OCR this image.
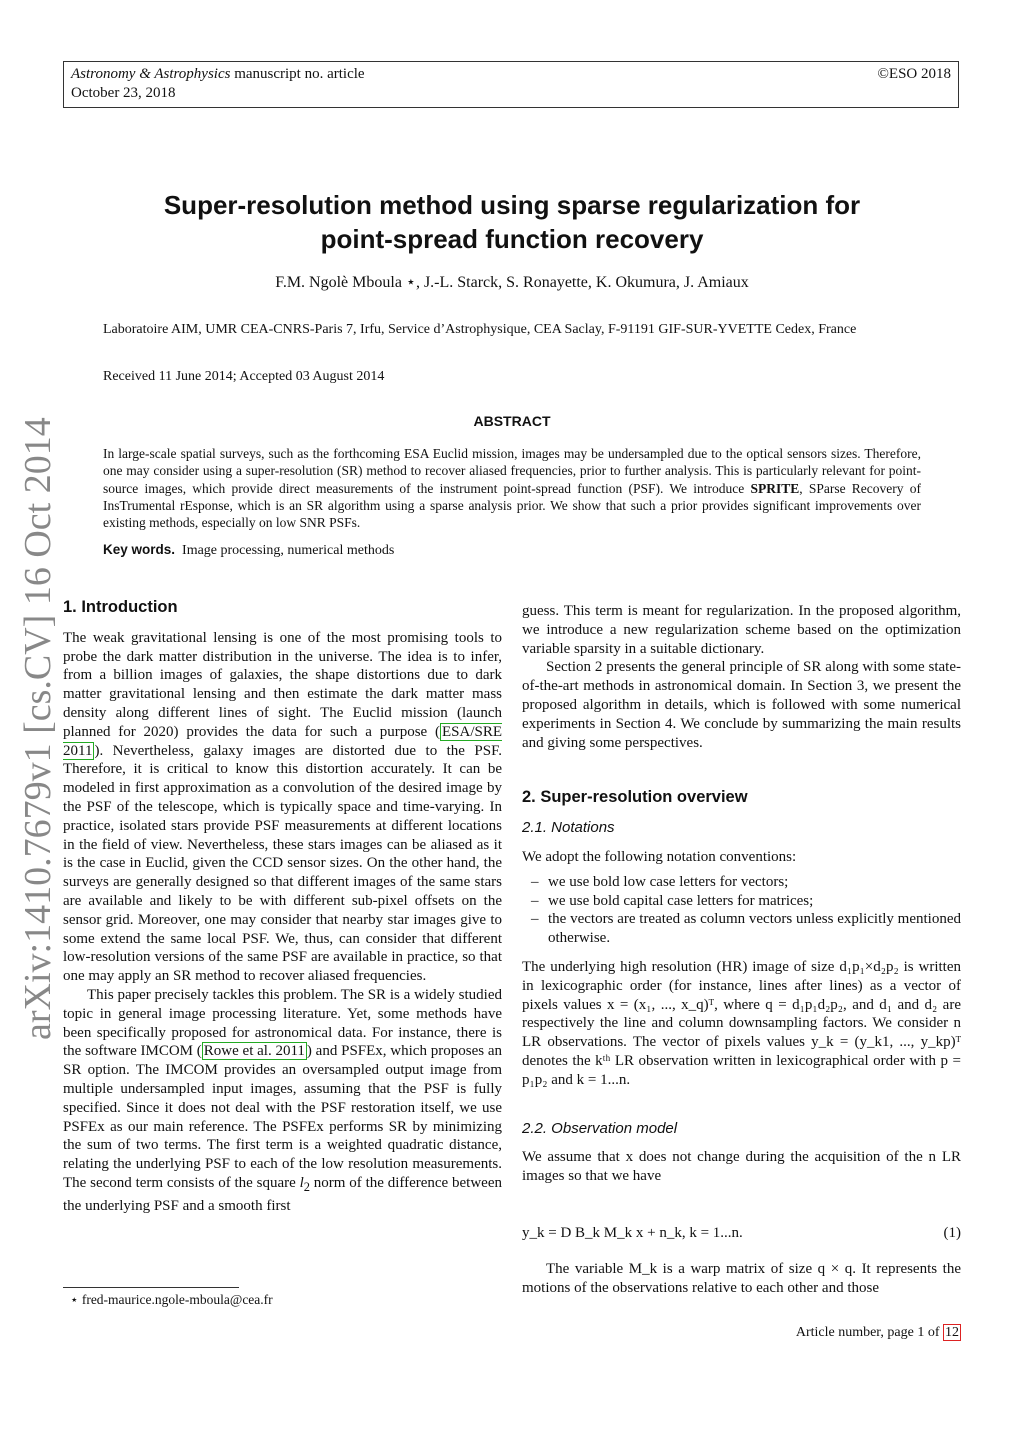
Astronomy & Astrophysics manuscript no. article
October 23, 2018
©ESO 2018
Super-resolution method using sparse regularization for
point-spread function recovery
F.M. Ngolè Mboula ⋆, J.-L. Starck, S. Ronayette, K. Okumura, J. Amiaux
Laboratoire AIM, UMR CEA-CNRS-Paris 7, Irfu, Service d’Astrophysique, CEA Saclay, F-91191 GIF-SUR-YVETTE Cedex, France
Received 11 June 2014; Accepted 03 August 2014
ABSTRACT
In large-scale spatial surveys, such as the forthcoming ESA Euclid mission, images may be undersampled due to the optical sensors sizes. Therefore, one may consider using a super-resolution (SR) method to recover aliased frequencies, prior to further analysis. This is particularly relevant for point-source images, which provide direct measurements of the instrument point-spread function (PSF). We introduce SPRITE, SParse Recovery of InsTrumental rEsponse, which is an SR algorithm using a sparse analysis prior. We show that such a prior provides significant improvements over existing methods, especially on low SNR PSFs.
Key words. Image processing, numerical methods
arXiv:1410.7679v1 [cs.CV] 16 Oct 2014 1. Introduction

The weak gravitational lensing is one of the most promising tools to probe the dark matter distribution in the universe. The idea is to infer, from a billion images of galaxies, the shape distortions due to dark matter gravitational lensing and then estimate the dark matter mass density along different lines of sight. The Euclid mission (launch planned for 2020) provides the data for such a purpose ( ESA/SRE 2011 ). Nevertheless, galaxy images are distorted due to the PSF. Therefore, it is critical to know this distortion accurately. It can be modeled in first approximation as a convolution of the desired image by the PSF of the telescope, which is typically space and time-varying. In practice, isolated stars provide PSF measurements at different locations in the field of view. Nevertheless, these stars images can be aliased as it is the case in Euclid, given the CCD sensor sizes. On the other hand, the surveys are generally designed so that different images of the same stars are available and likely to be with different sub-pixel offsets on the sensor grid. Moreover, one may consider that nearby star images give to some extend the same local PSF. We, thus, can consider that different low-resolution versions of the same PSF are available in practice, so that one may apply an SR method to recover aliased frequencies.

This paper precisely tackles this problem. The SR is a widely studied topic in general image processing literature. Yet, some methods have been specifically proposed for astronomical data. For instance, there is the software IMCOM ( Rowe et al. 2011 ) and PSFEx, which proposes an SR option. The IMCOM provides an oversampled output image from multiple undersampled input images, assuming that the PSF is fully specified. Since it does not deal with the PSF restoration itself, we use PSFEx as our main reference. The PSFEx performs SR by minimizing the sum of two terms. The first term is a weighted quadratic distance, relating the underlying PSF to each of the low resolution measurements. The second term consists of the square $l_2$ norm of the difference between the underlying PSF and a smooth first

guess. This term is meant for regularization. In the proposed algorithm, we introduce a new regularization scheme based on the optimization variable sparsity in a suitable dictionary.

Section 2 presents the general principle of SR along with some state-of-the-art methods in astronomical domain. In Section 3, we present the proposed algorithm in details, which is followed with some numerical experiments in Section 4. We conclude by summarizing the main results and giving some perspectives.

2. Super-resolution overview
2.1. Notations

We adopt the following notation conventions:

– we use bold low case letters for vectors;
– we use bold capital case letters for matrices;
– the vectors are treated as column vectors unless explicitly mentioned otherwise.

The underlying high resolution (HR) image of size d₁p₁×d₂p₂ is written in lexicographic order (for instance, lines after lines) as a vector of pixels values x = (x₁, ..., x_q)ᵀ, where q = d₁p₁d₂p₂, and d₁ and d₂ are respectively the line and column downsampling factors. We consider n LR observations. The vector of pixels values y_k = (y_k1, ..., y_kp)ᵀ denotes the kᵗʰ LR observation written in lexicographical order with p = p₁p₂ and k = 1...n.

2.2. Observation model

We assume that x does not change during the acquisition of the n LR images so that we have

y_k = D B_k M_k x + n_k, k = 1...n.	(1)

The variable M_k is a warp matrix of size q × q. It represents the motions of the observations relative to each other and those

⋆ fred-maurice.ngole-mboula@cea.fr
Article number, page 1 of 12
